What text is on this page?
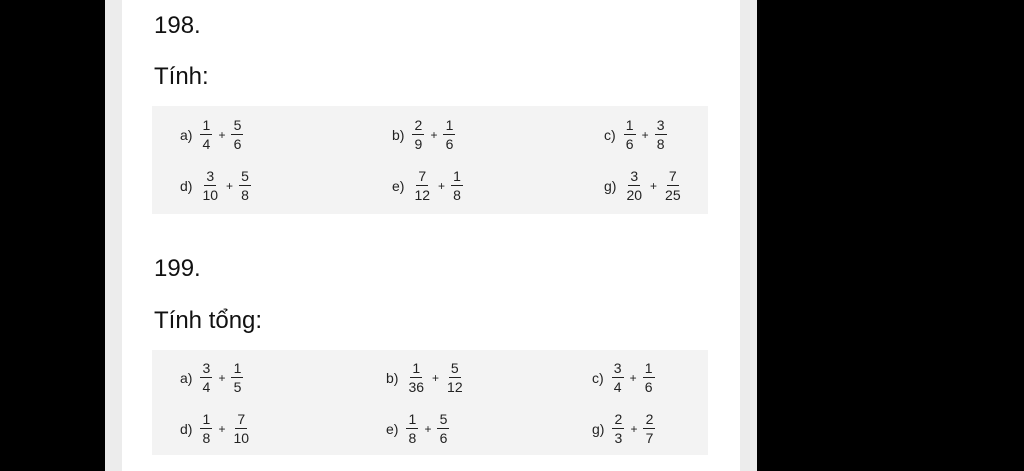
198.
Tính:
199.
Tính tổng:
$a) \frac{1}{4} + \frac{5}{6}$	$b) \frac{2}{9} + \frac{1}{6}$	$c) \frac{1}{6} + \frac{3}{8}$
$d) \frac{3}{10} + \frac{5}{8}$	$e) \frac{7}{12} + \frac{1}{8}$	$g) \frac{3}{20} + \frac{7}{25}$
$a) \frac{3}{4} + \frac{1}{5}$	$b) \frac{1}{36} + \frac{5}{12}$	$c) \frac{3}{4} + \frac{1}{6}$
$d) \frac{1}{8} + \frac{7}{10}$	$e) \frac{1}{8} + \frac{5}{6}$	$g) \frac{2}{3} + \frac{2}{7}$
